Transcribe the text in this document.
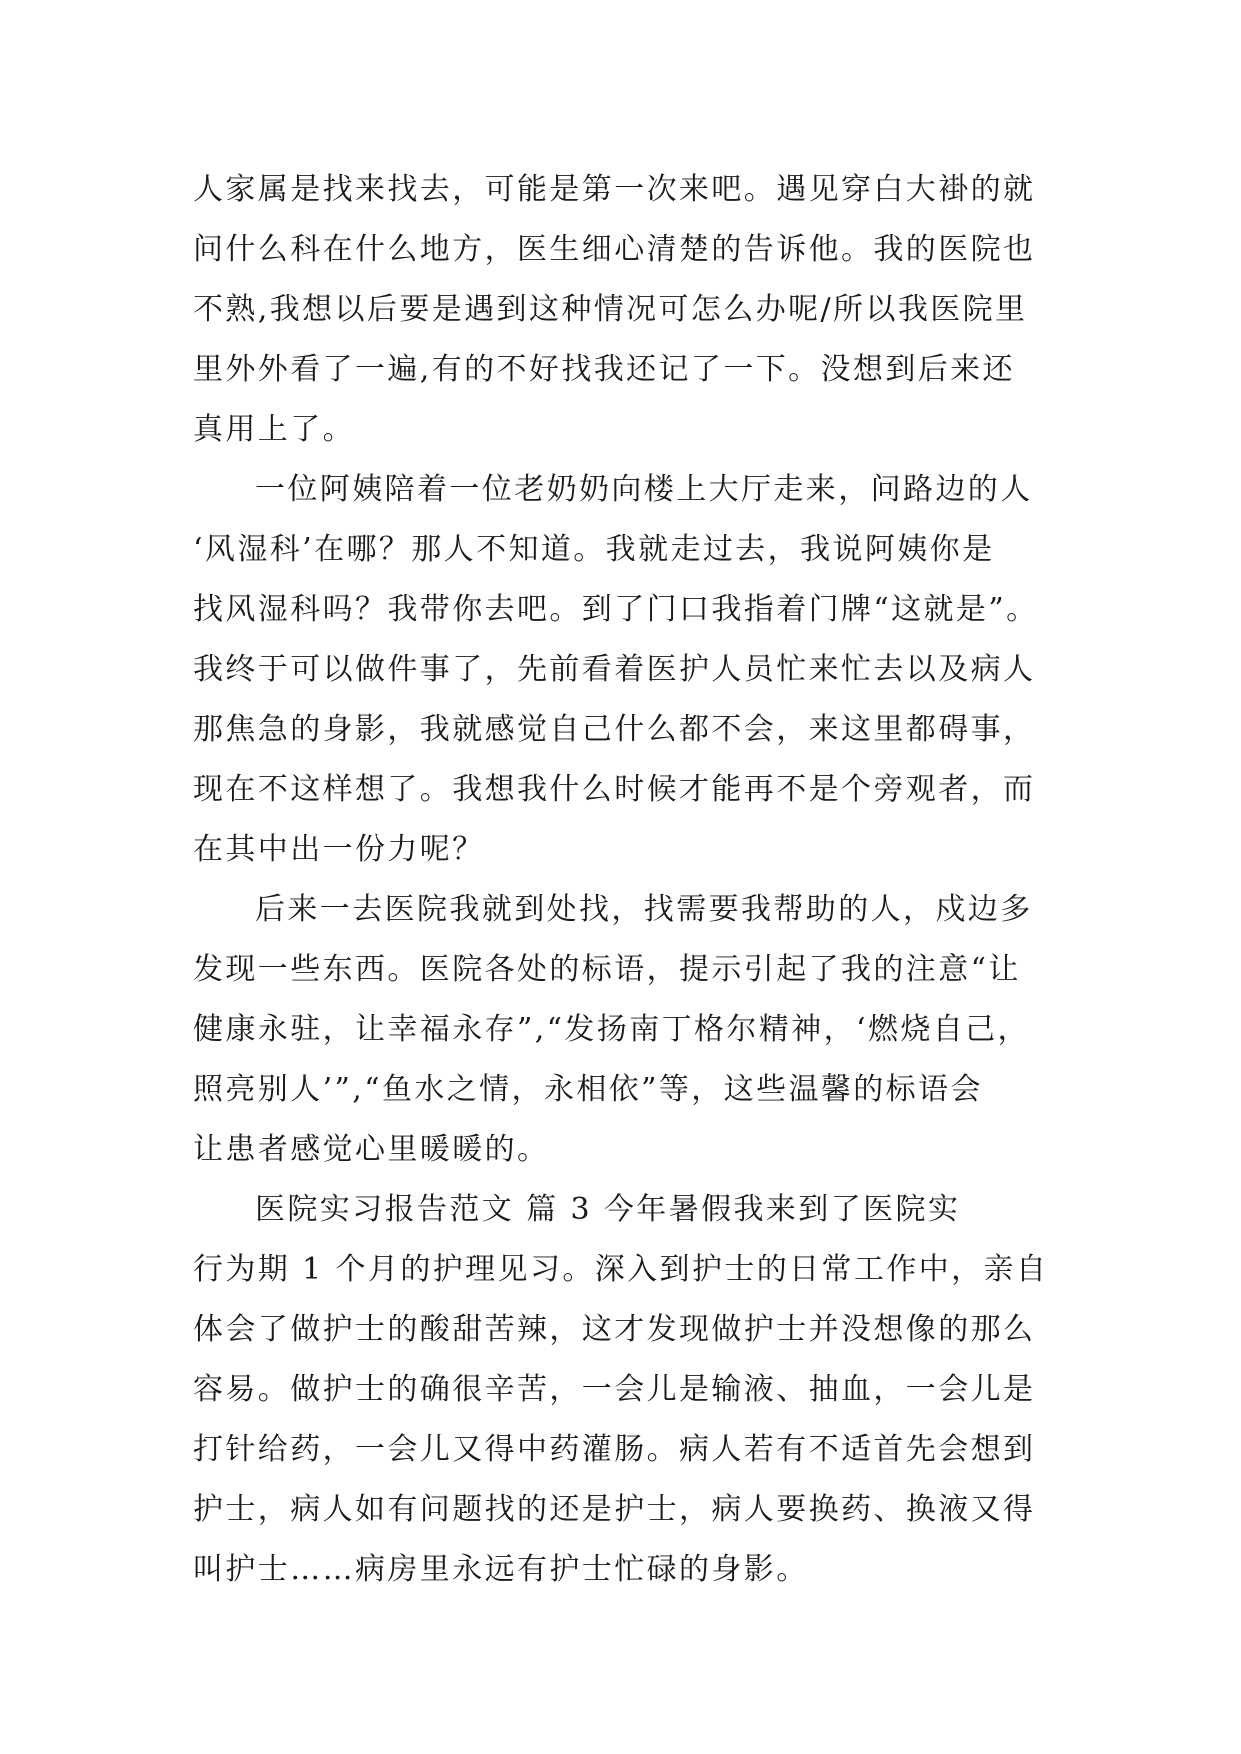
人家属是找来找去，可能是第一次来吧。遇见穿白大褂的就
问什么科在什么地方，医生细心清楚的告诉他。我的医院也
不熟,我想以后要是遇到这种情况可怎么办呢/所以我医院里
里外外看了一遍,有的不好找我还记了一下。没想到后来还
真用上了。
一位阿姨陪着一位老奶奶向楼上大厅走来，问路边的人
‘风湿科’在哪？那人不知道。我就走过去，我说阿姨你是
找风湿科吗？我带你去吧。到了门口我指着门牌“这就是”。
我终于可以做件事了，先前看着医护人员忙来忙去以及病人
那焦急的身影，我就感觉自己什么都不会，来这里都碍事，
现在不这样想了。我想我什么时候才能再不是个旁观者，而
在其中出一份力呢？
后来一去医院我就到处找，找需要我帮助的人，戍边多
发现一些东西。医院各处的标语，提示引起了我的注意“让
健康永驻，让幸福永存”,“发扬南丁格尔精神，‘燃烧自己，
照亮别人’”,“鱼水之情，永相依”等，这些温馨的标语会
让患者感觉心里暖暖的。
医院实习报告范文 篇 3 今年暑假我来到了医院实
行为期 1 个月的护理见习。深入到护士的日常工作中，亲自
体会了做护士的酸甜苦辣，这才发现做护士并没想像的那么
容易。做护士的确很辛苦，一会儿是输液、抽血，一会儿是
打针给药，一会儿又得中药灌肠。病人若有不适首先会想到
护士，病人如有问题找的还是护士，病人要换药、换液又得
叫护士……病房里永远有护士忙碌的身影。
